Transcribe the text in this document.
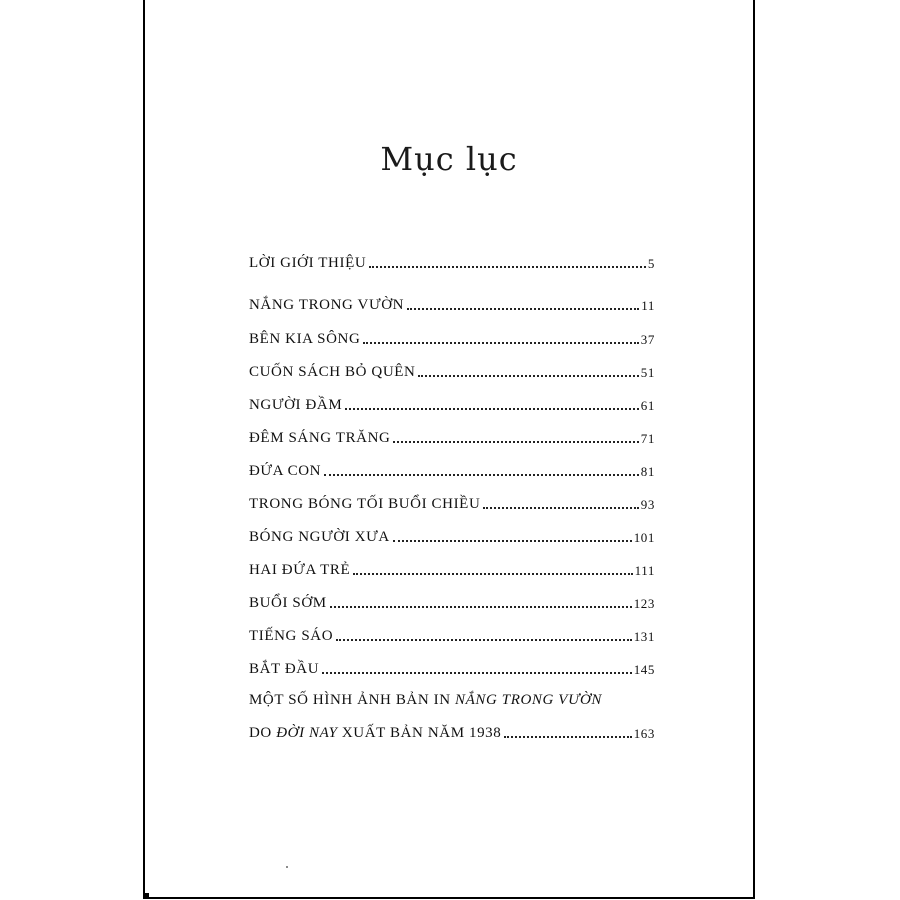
Mục lục
LỜI GIỚI THIỆU	5
NẮNG TRONG VƯỜN	11
BÊN KIA SÔNG	37
CUỐN SÁCH BỎ QUÊN	51
NGƯỜI ĐẦM	61
ĐÊM SÁNG TRĂNG	71
ĐỨA CON	81
TRONG BÓNG TỐI BUỔI CHIỀU	93
BÓNG NGƯỜI XƯA	101
HAI ĐỨA TRẺ	111
BUỔI SỚM	123
TIẾNG SÁO	131
BẮT ĐẦU	145
MỘT SỐ HÌNH ẢNH BẢN IN NẮNG TRONG VƯỜN
DO ĐỜI NAY XUẤT BẢN NĂM 1938	163
